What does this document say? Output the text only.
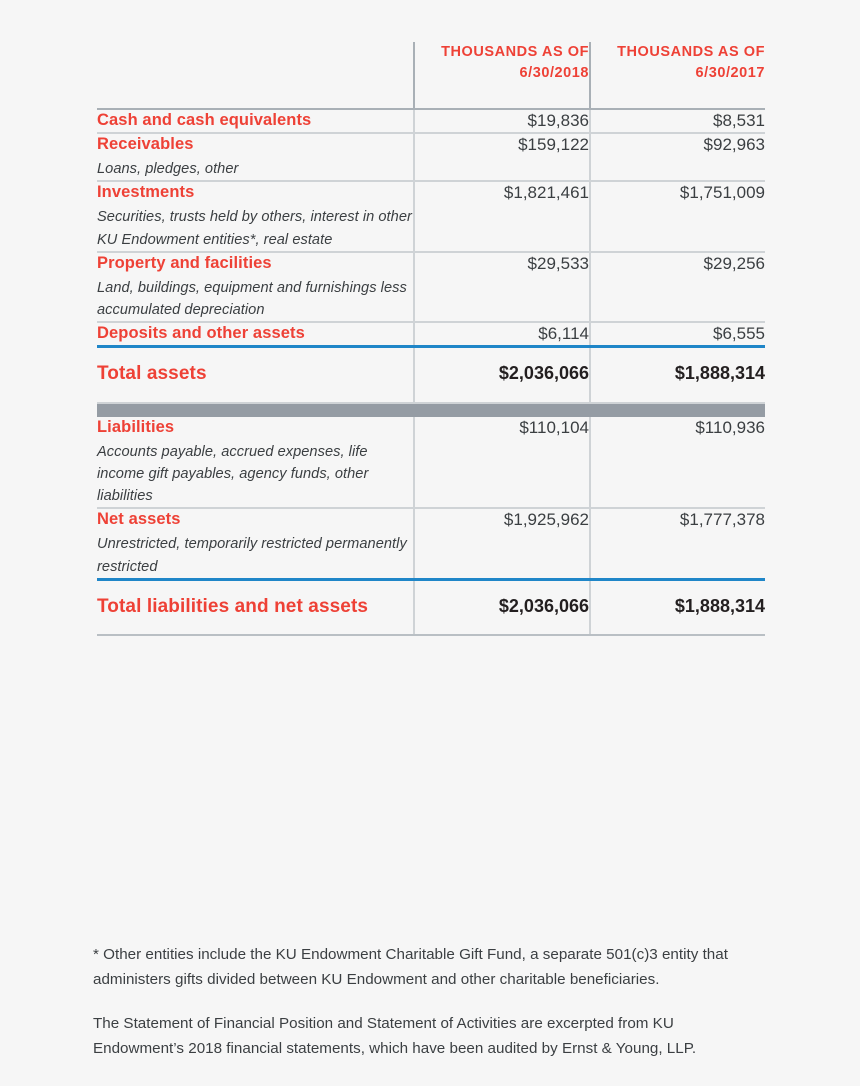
	THOUSANDS AS OF 6/30/2018	THOUSANDS AS OF 6/30/2017

Cash and cash equivalents	$19,836	$8,531

Receivables
Loans, pledges, other	$159,122	$92,963

Investments
Securities, trusts held by others, interest in other KU Endowment entities*, real estate	$1,821,461	$1,751,009

Property and facilities
Land, buildings, equipment and furnishings less accumulated depreciation	$29,533	$29,256

Deposits and other assets	$6,114	$6,555

Total assets	$2,036,066	$1,888,314

Liabilities
Accounts payable, accrued expenses, life income gift payables, agency funds, other liabilities	$110,104	$110,936

Net assets
Unrestricted, temporarily restricted permanently restricted	$1,925,962	$1,777,378

Total liabilities and net assets	$2,036,066	$1,888,314

* Other entities include the KU Endowment Charitable Gift Fund, a separate 501(c)3 entity that administers gifts divided between KU Endowment and other charitable beneficiaries.

The Statement of Financial Position and Statement of Activities are excerpted from KU Endowment’s 2018 financial statements, which have been audited by Ernst & Young, LLP.
